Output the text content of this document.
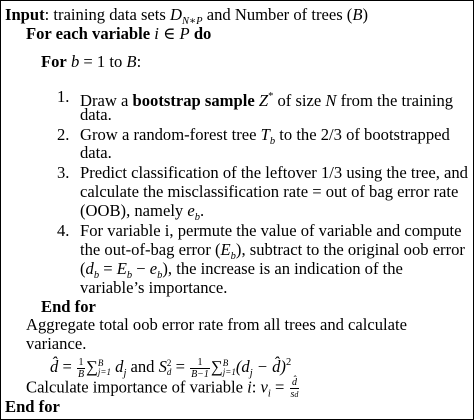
Input: training data sets $D_{N∗P}$ and Number of trees (B)
For each variable i ∈ P do
For b = 1 to B:
1. Draw a bootstrap sample Z* of size N from the training
data.
2. Grow a random-forest tree $T_b$ to the 2/3 of bootstrapped
data.
3. Predict classification of the leftover 1/3 using the tree, and
calculate the misclassification rate = out of bag error rate
(OOB), namely $e_b$.
4. For variable i, permute the value of variable and compute
the out-of-bag error $(E_b)$, subtract to the original oob error
$(d_b = E_b - e_b)$, the increase is an indication of the
variable’s importance.
End for
Aggregate total oob error rate from all trees and calculate
variance.
d̂ = $\frac{1}{B}$ ∑ B
j=1 $d_j$ and S 2
$d = \frac{1}{B-1}$ ∑ B
j=1 ($d_j$ − d̂)$^2$
Calculate importance of variable i: $v_i = \frac{d̂}{sd}$
End for
